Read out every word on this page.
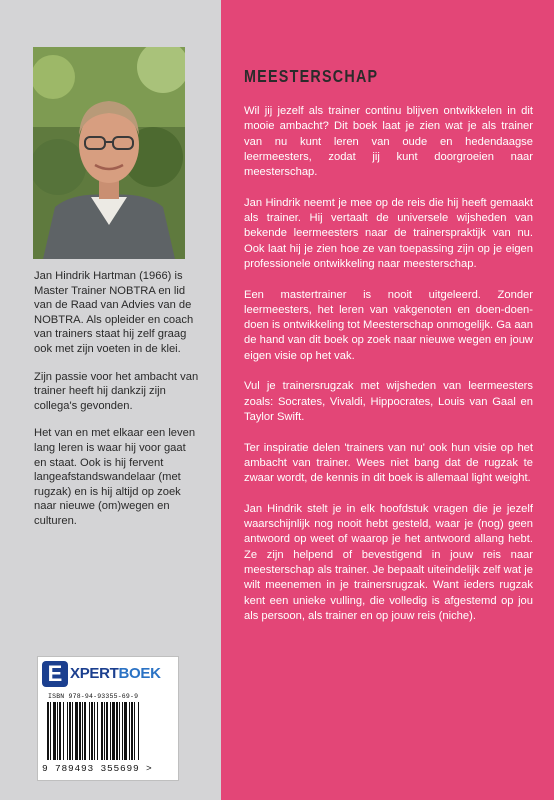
Jan Hindrik Hartman (1966) is Master Trainer NOBTRA en lid van de Raad van Advies van de NOBTRA. Als opleider en coach van trainers staat hij zelf graag ook met zijn voeten in de klei.

Zijn passie voor het ambacht van trainer heeft hij dankzij zijn collega's gevonden.

Het van en met elkaar een leven lang leren is waar hij voor gaat en staat. Ook is hij fervent langeafstandswandelaar (met rugzak) en is hij altijd op zoek naar nieuwe (om)wegen en culturen.

E XPERTBOEK
ISBN 978-94-93355-69-9
9 789493 355699 >
MEESTERSCHAP

Wil jij jezelf als trainer continu blijven ontwikkelen in dit mooie ambacht? Dit boek laat je zien wat je als trainer van nu kunt leren van oude en hedendaagse leermeesters, zodat jij kunt doorgroeien naar meesterschap.

Jan Hindrik neemt je mee op de reis die hij heeft gemaakt als trainer. Hij vertaalt de universele wijsheden van bekende leermeesters naar de trainerspraktijk van nu. Ook laat hij je zien hoe ze van toepassing zijn op je eigen professionele ontwikkeling naar meesterschap.

Een mastertrainer is nooit uitgeleerd. Zonder leermeesters, het leren van vakgenoten en doen-doen-doen is ontwikkeling tot Meesterschap onmogelijk. Ga aan de hand van dit boek op zoek naar nieuwe wegen en jouw eigen visie op het vak.

Vul je trainersrugzak met wijsheden van leermeesters zoals: Socrates, Vivaldi, Hippocrates, Louis van Gaal en Taylor Swift.

Ter inspiratie delen 'trainers van nu' ook hun visie op het ambacht van trainer. Wees niet bang dat de rugzak te zwaar wordt, de kennis in dit boek is allemaal light weight.

Jan Hindrik stelt je in elk hoofdstuk vragen die je jezelf waarschijnlijk nog nooit hebt gesteld, waar je (nog) geen antwoord op weet of waarop je het antwoord allang hebt. Ze zijn helpend of bevestigend in jouw reis naar meesterschap als trainer. Je bepaalt uiteindelijk zelf wat je wilt meenemen in je trainersrugzak. Want ieders rugzak kent een unieke vulling, die volledig is afgestemd op jou als persoon, als trainer en op jouw reis (niche).
